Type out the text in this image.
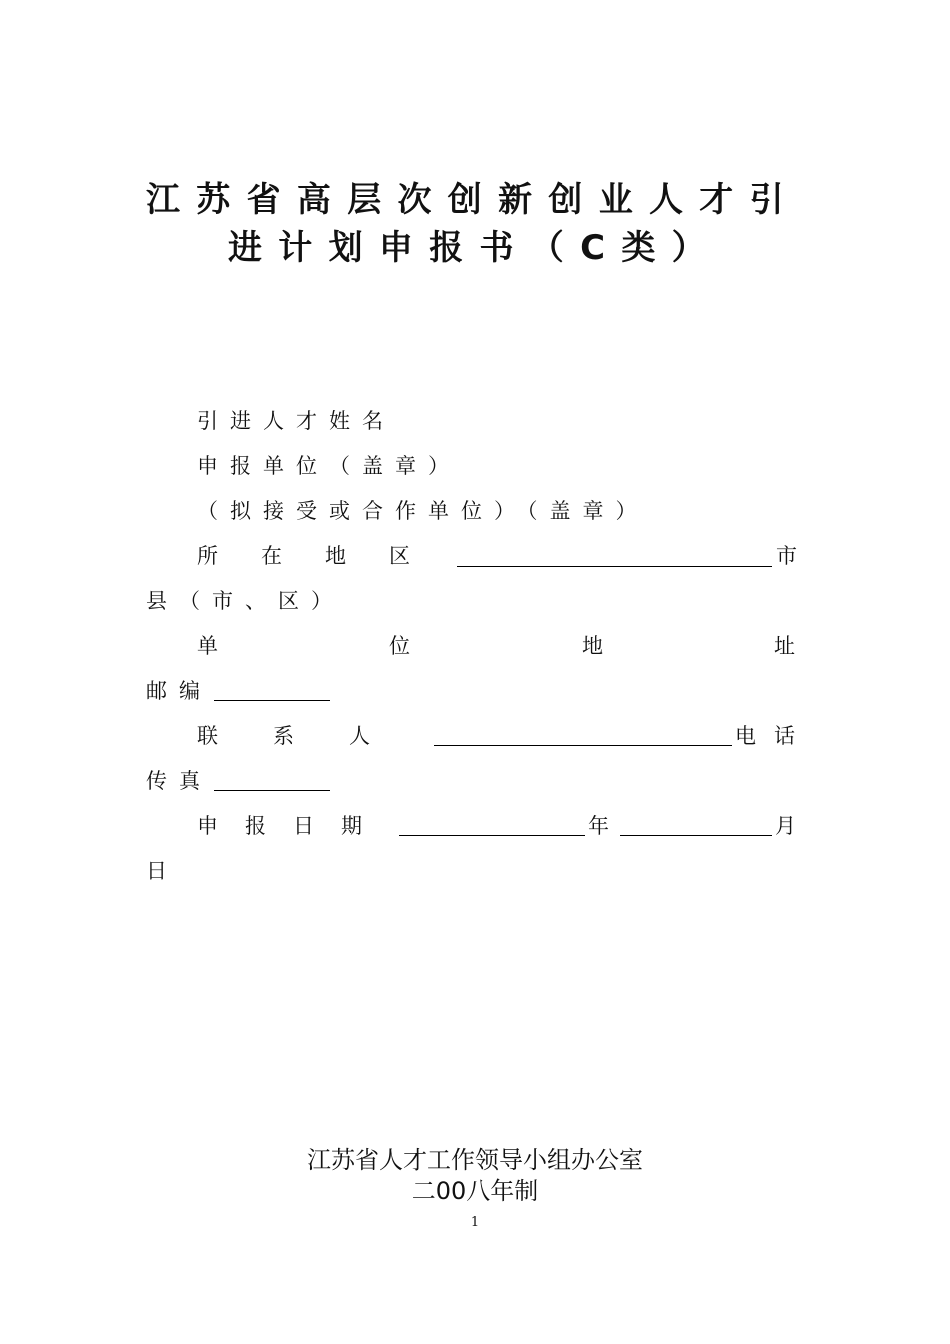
江苏省高层次创新创业人才引
进计划申报书（C类）
引进人才姓名
申报单位（盖章）
（拟接受或合作单位）（盖章）
所在地区	市
县（市、区）
单	位	地	址
邮编
联系人	电话
传真
申报日期	年	月
日
江苏省人才工作领导小组办公室
二00八年制
1
